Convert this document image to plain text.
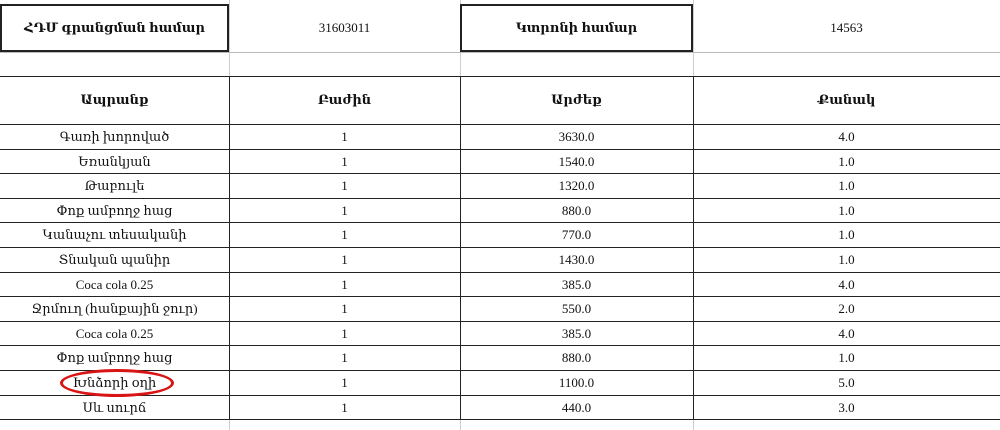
ՀԴՄ գրանցման համար	31603011	Կտրոնի համար	14563
Ապրանք	Բաժին	Արժեք	Քանակ
Գառի խորոված	1	3630.0	4.0
Եռանկյան	1	1540.0	1.0
Թաբուլե	1	1320.0	1.0
Փոք ամբողջ հաց	1	880.0	1.0
Կանաչու տեսականի	1	770.0	1.0
Տնական պանիր	1	1430.0	1.0
Coca cola 0.25	1	385.0	4.0
Ջրմուղ (հանքային ջուր)	1	550.0	2.0
Coca cola 0.25	1	385.0	4.0
Փոք ամբողջ հաց	1	880.0	1.0
Խնձորի օղի	1	1100.0	5.0
Սև սուրճ	1	440.0	3.0
